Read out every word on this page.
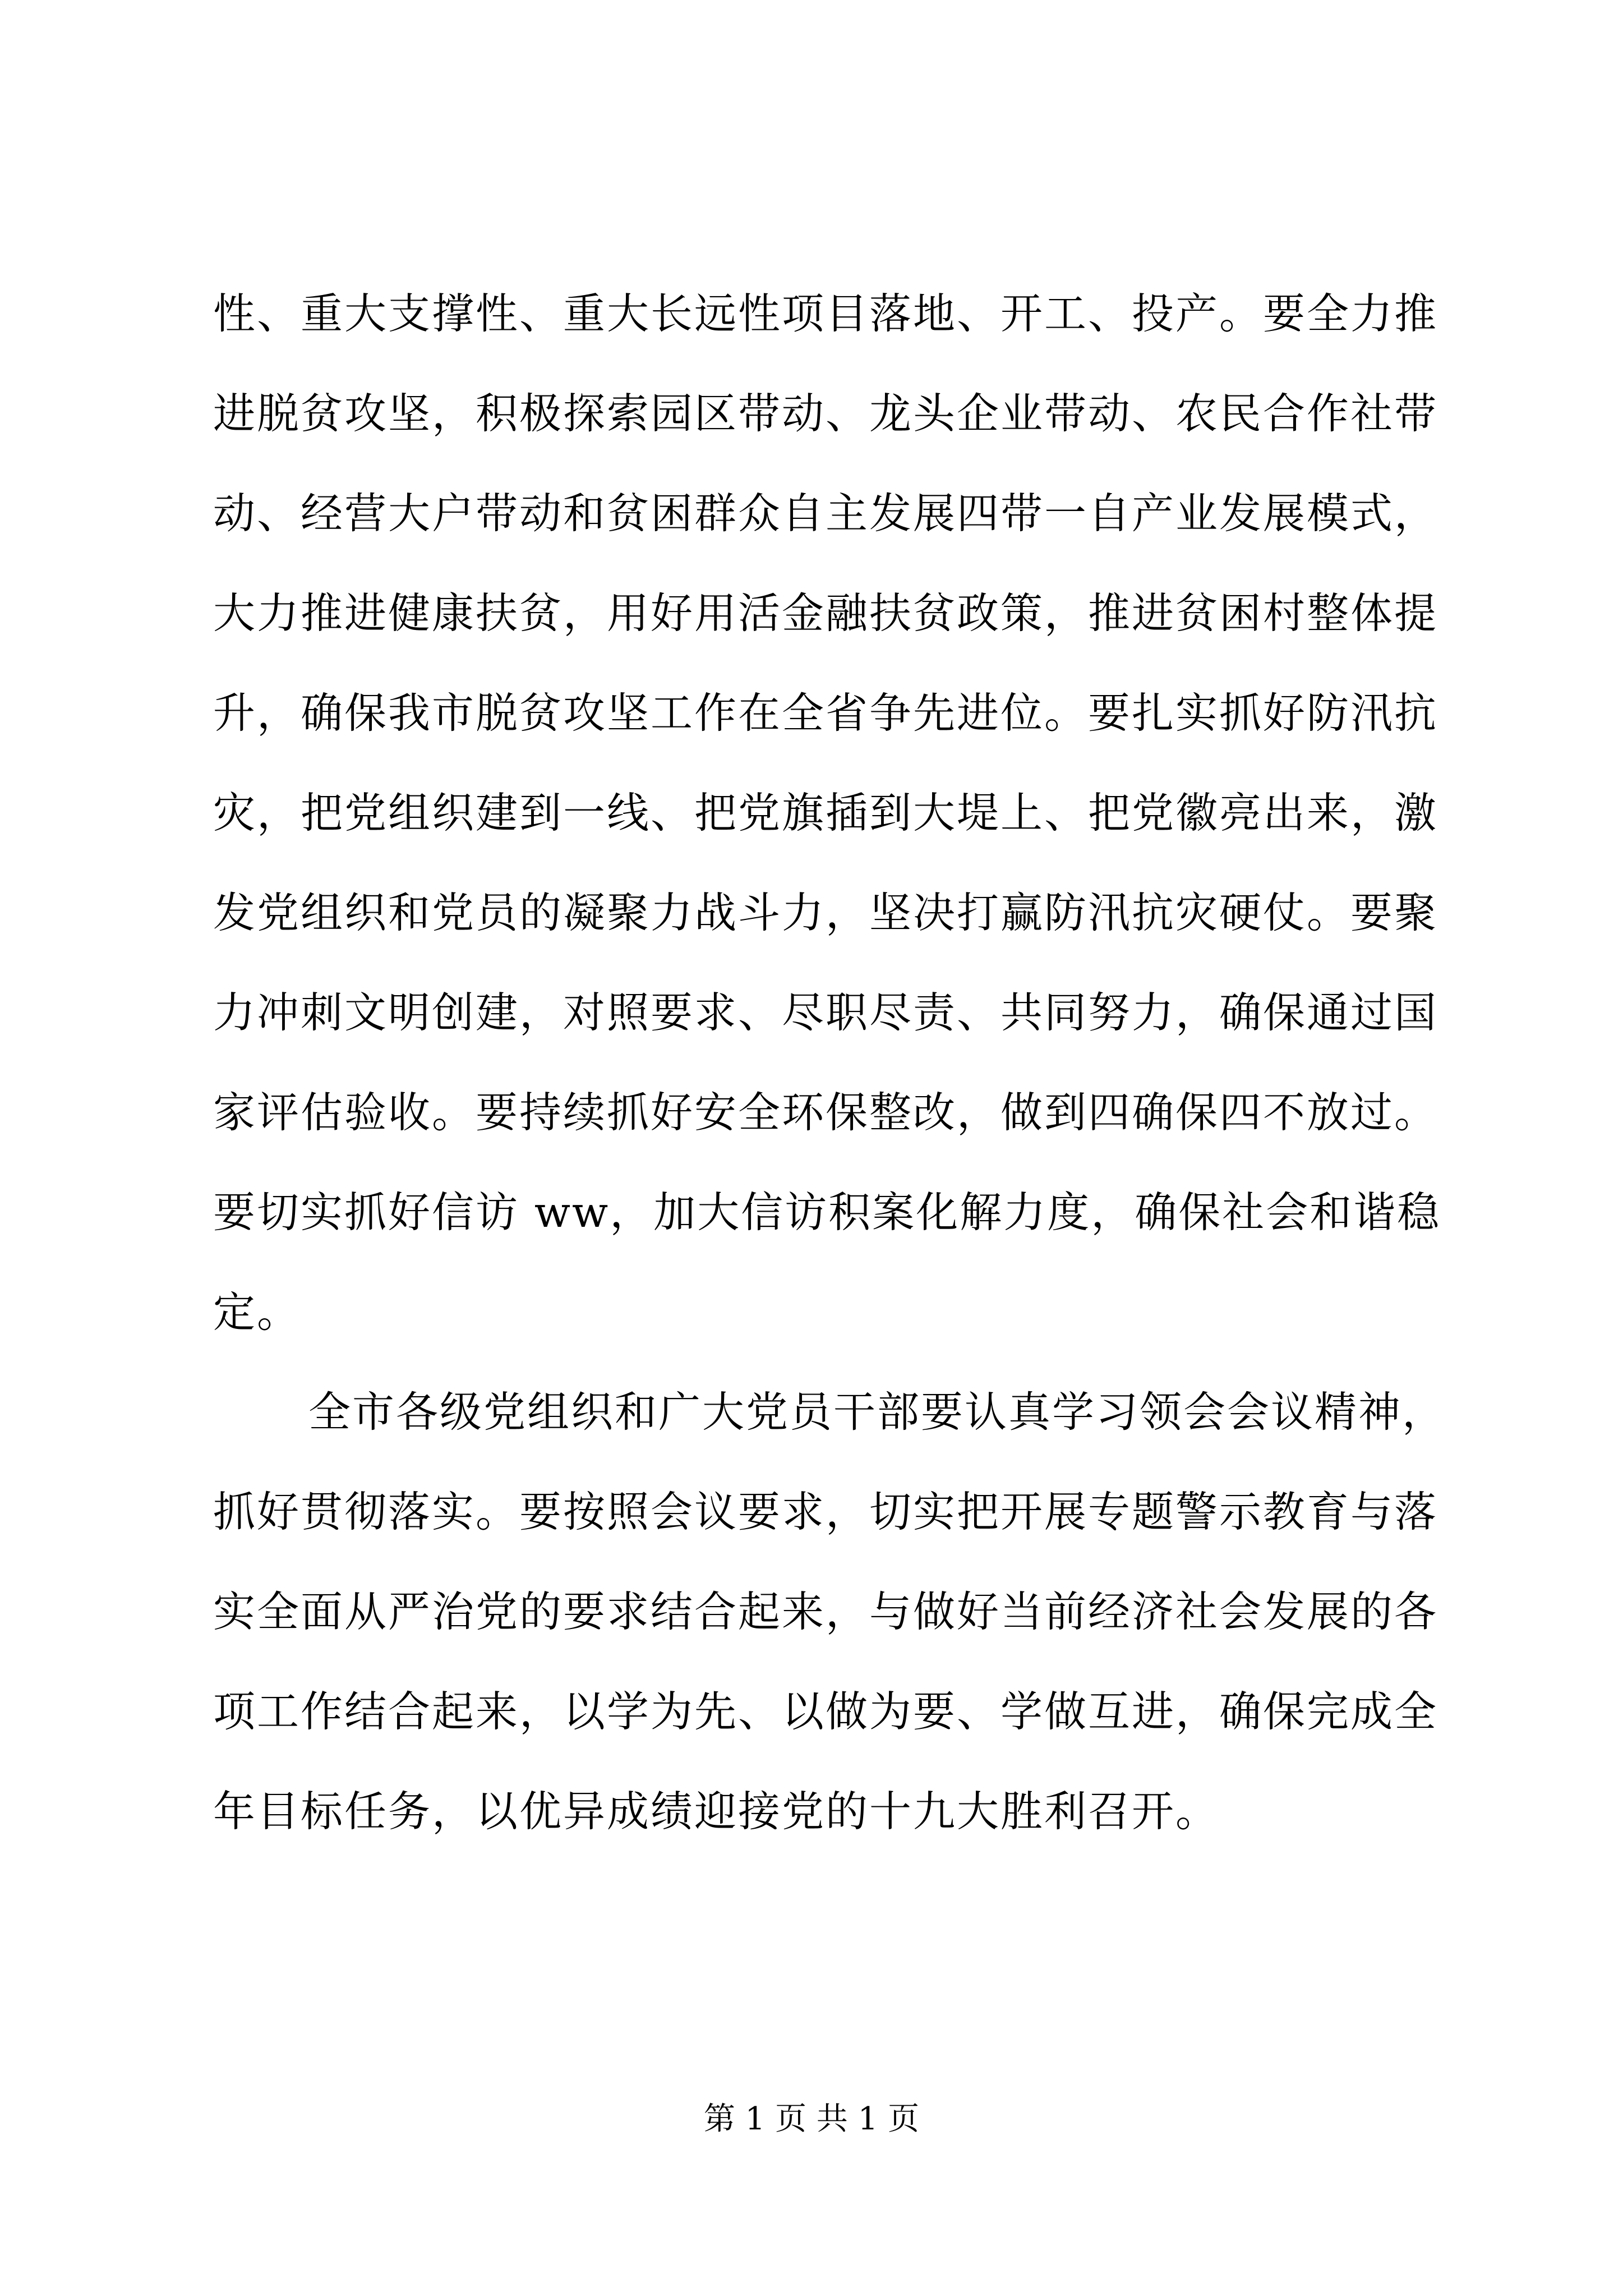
性、重大支撑性、重大长远性项目落地、开工、投产。要全力推
进脱贫攻坚，积极探索园区带动、龙头企业带动、农民合作社带
动、经营大户带动和贫困群众自主发展四带一自产业发展模式，
大力推进健康扶贫，用好用活金融扶贫政策，推进贫困村整体提
升，确保我市脱贫攻坚工作在全省争先进位。要扎实抓好防汛抗
灾，把党组织建到一线、把党旗插到大堤上、把党徽亮出来，激
发党组织和党员的凝聚力战斗力，坚决打赢防汛抗灾硬仗。要聚
力冲刺文明创建，对照要求、尽职尽责、共同努力，确保通过国
家评估验收。要持续抓好安全环保整改，做到四确保四不放过。
要切实抓好信访 ww，加大信访积案化解力度，确保社会和谐稳
定。
全市各级党组织和广大党员干部要认真学习领会会议精神，
抓好贯彻落实。要按照会议要求，切实把开展专题警示教育与落
实全面从严治党的要求结合起来，与做好当前经济社会发展的各
项工作结合起来，以学为先、以做为要、学做互进，确保完成全
年目标任务，以优异成绩迎接党的十九大胜利召开。
第 1 页 共 1 页
